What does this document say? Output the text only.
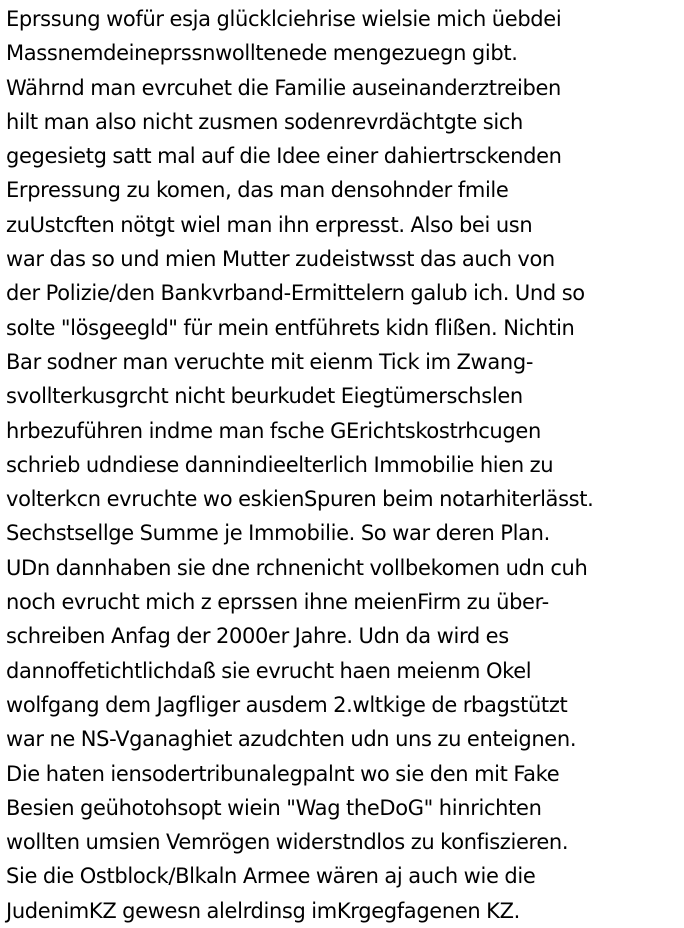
Eprssung wofür esja glücklciehrise wielsie mich üebdei
Massnemdeineprssnwolltenede mengezuegn gibt.
Währnd man evrcuhet die Familie auseinanderztreiben
hilt man also nicht zusmen sodenrevrdächtgte sich
gegesietg satt mal auf die Idee einer dahiertrsckenden
Erpressung zu komen, das man densohnder fmile
zuUstcften nötgt wiel man ihn erpresst. Also bei usn
war das so und mien Mutter zudeistwsst das auch von
der Polizie/den Bankvrband-Ermittelern galub ich. Und so
solte "lösgeegld" für mein entführets kidn flißen. Nichtin
Bar sodner man veruchte mit eienm Tick im Zwang-
svollterkusgrcht nicht beurkudet Eiegtümerschslen
hrbezuführen indme man fsche GErichtskostrhcugen
schrieb udndiese dannindieelterlich Immobilie hien zu
volterkcn evruchte wo eskienSpuren beim notarhiterlässt.
Sechstsellge Summe je Immobilie. So war deren Plan.
UDn dannhaben sie dne rchnenicht vollbekomen udn cuh
noch evrucht mich z eprssen ihne meienFirm zu über-
schreiben Anfag der 2000er Jahre. Udn da wird es
dannoffetichtlichdaß sie evrucht haen meienm Okel
wolfgang dem Jagfliger ausdem 2.wltkige de rbagstützt
war ne NS-Vganaghiet azudchten udn uns zu enteignen.
Die haten iensodertribunalegpalnt wo sie den mit Fake
Besien geühotohsopt wiein "Wag theDoG" hinrichten
wollten umsien Vemrögen widerstndlos zu konfiszieren.
Sie die Ostblock/Blkaln Armee wären aj auch wie die
JudenimKZ gewesn alelrdinsg imKrgegfagenen KZ.
